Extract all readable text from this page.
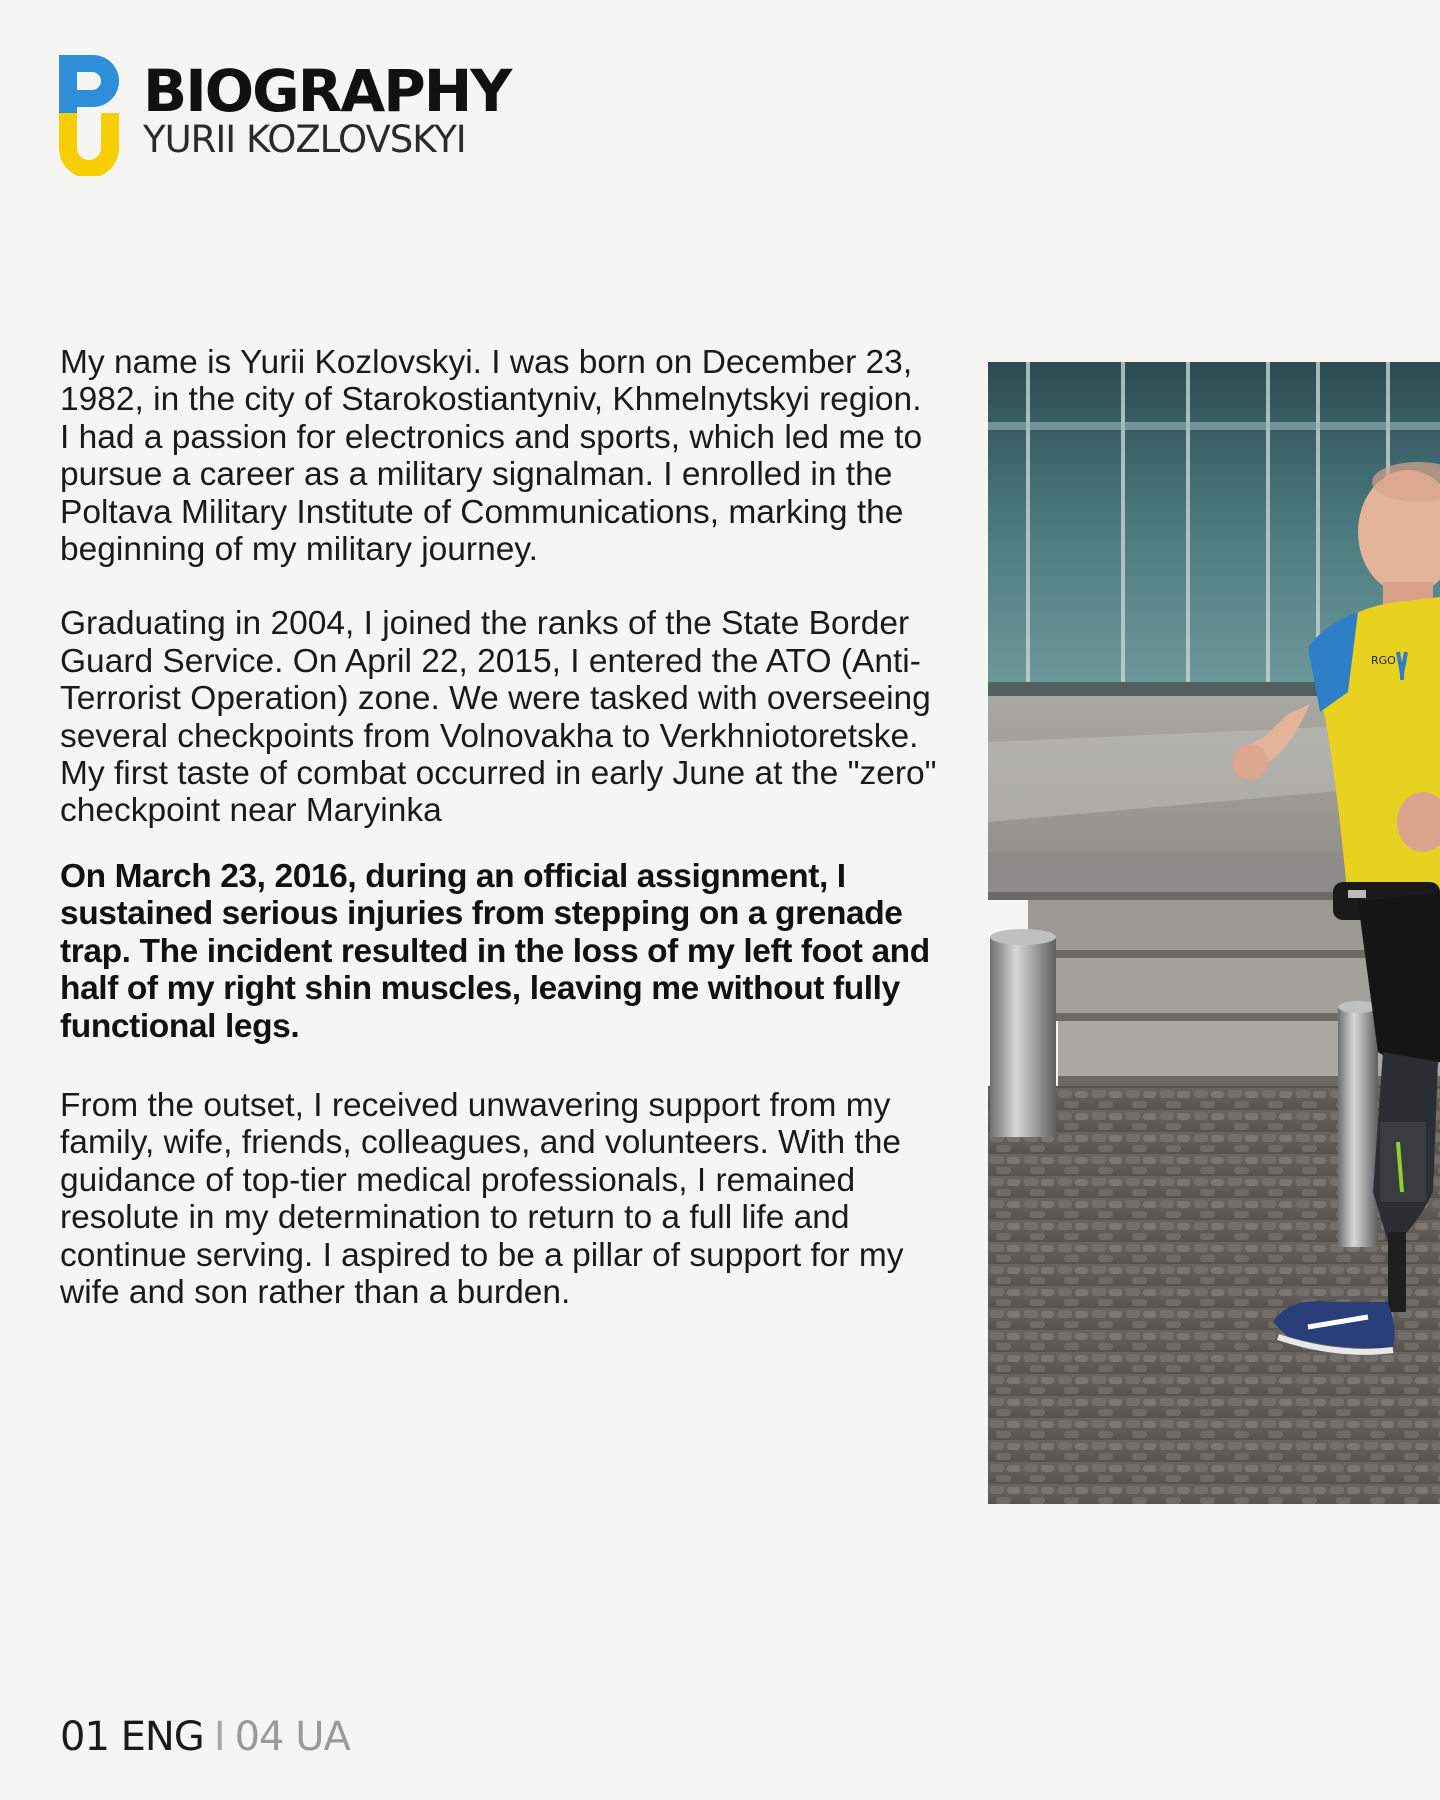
BIOGRAPHY
YURII KOZLOVSKYI

My name is Yurii Kozlovskyi. I was born on December 23, 1982, in the city of Starokostiantyniv, Khmelnytskyi region. I had a passion for electronics and sports, which led me to pursue a career as a military signalman. I enrolled in the Poltava Military Institute of Communications, marking the beginning of my military journey.

Graduating in 2004, I joined the ranks of the State Border Guard Service. On April 22, 2015, I entered the ATO (Anti-Terrorist Operation) zone. We were tasked with overseeing several checkpoints from Volnovakha to Verkhniotoretske. My first taste of combat occurred in early June at the "zero" checkpoint near Maryinka

On March 23, 2016, during an official assignment, I sustained serious injuries from stepping on a grenade trap. The incident resulted in the loss of my left foot and half of my right shin muscles, leaving me without fully functional legs.

From the outset, I received unwavering support from my family, wife, friends, colleagues, and volunteers. With the guidance of top-tier medical professionals, I remained resolute in my determination to return to a full life and continue serving. I aspired to be a pillar of support for my wife and son rather than a burden.

RGO
01 ENG I 04 UA
